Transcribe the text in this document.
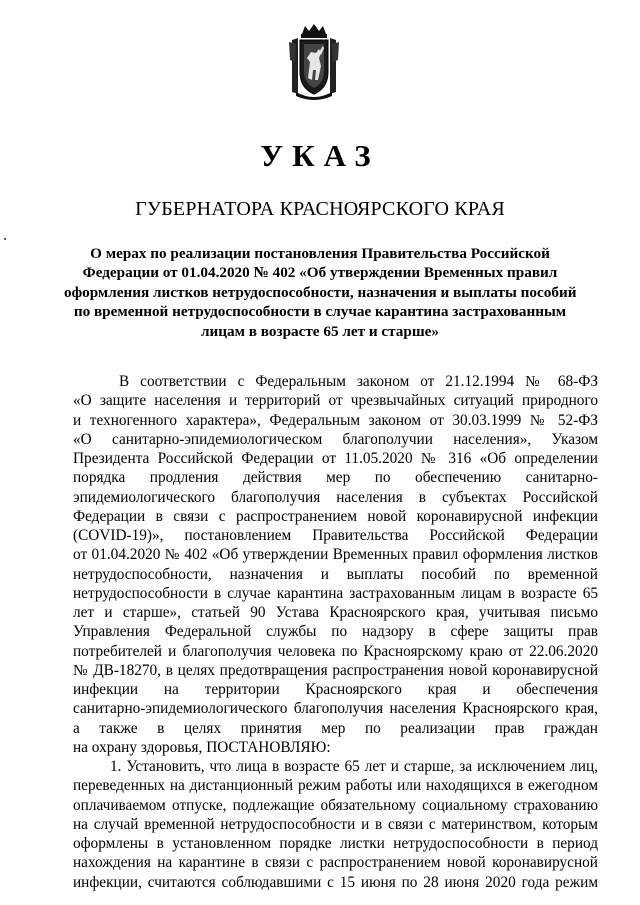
УКАЗ
ГУБЕРНАТОРА КРАСНОЯРСКОГО КРАЯ
О мерах по реализации постановления Правительства Российской
Федерации от 01.04.2020 № 402 «Об утверждении Временных правил
оформления листков нетрудоспособности, назначения и выплаты пособий
по временной нетрудоспособности в случае карантина застрахованным
лицам в возрасте 65 лет и старше»
В соответствии с Федеральным законом от 21.12.1994 № 68-ФЗ
«О защите населения и территорий от чрезвычайных ситуаций природного
и техногенного характера», Федеральным законом от 30.03.1999 № 52-ФЗ
«О санитарно-эпидемиологическом благополучии населения», Указом
Президента Российской Федерации от 11.05.2020 № 316 «Об определении
порядка продления действия мер по обеспечению санитарно-
эпидемиологического благополучия населения в субъектах Российской
Федерации в связи с распространением новой коронавирусной инфекции
(COVID-19)», постановлением Правительства Российской Федерации
от 01.04.2020 № 402 «Об утверждении Временных правил оформления листков
нетрудоспособности, назначения и выплаты пособий по временной
нетрудоспособности в случае карантина застрахованным лицам в возрасте 65
лет и старше», статьей 90 Устава Красноярского края, учитывая письмо
Управления Федеральной службы по надзору в сфере защиты прав
потребителей и благополучия человека по Красноярскому краю от 22.06.2020
№ ДВ-18270, в целях предотвращения распространения новой коронавирусной
инфекции на территории Красноярского края и обеспечения
санитарно-эпидемиологического благополучия населения Красноярского края,
а также в целях принятия мер по реализации прав граждан
на охрану здоровья, ПОСТАНОВЛЯЮ:
1. Установить, что лица в возрасте 65 лет и старше, за исключением лиц,
переведенных на дистанционный режим работы или находящихся в ежегодном
оплачиваемом отпуске, подлежащие обязательному социальному страхованию
на случай временной нетрудоспособности и в связи с материнством, которым
оформлены в установленном порядке листки нетрудоспособности в период
нахождения на карантине в связи с распространением новой коронавирусной
инфекции, считаются соблюдавшими с 15 июня по 28 июня 2020 года режим
